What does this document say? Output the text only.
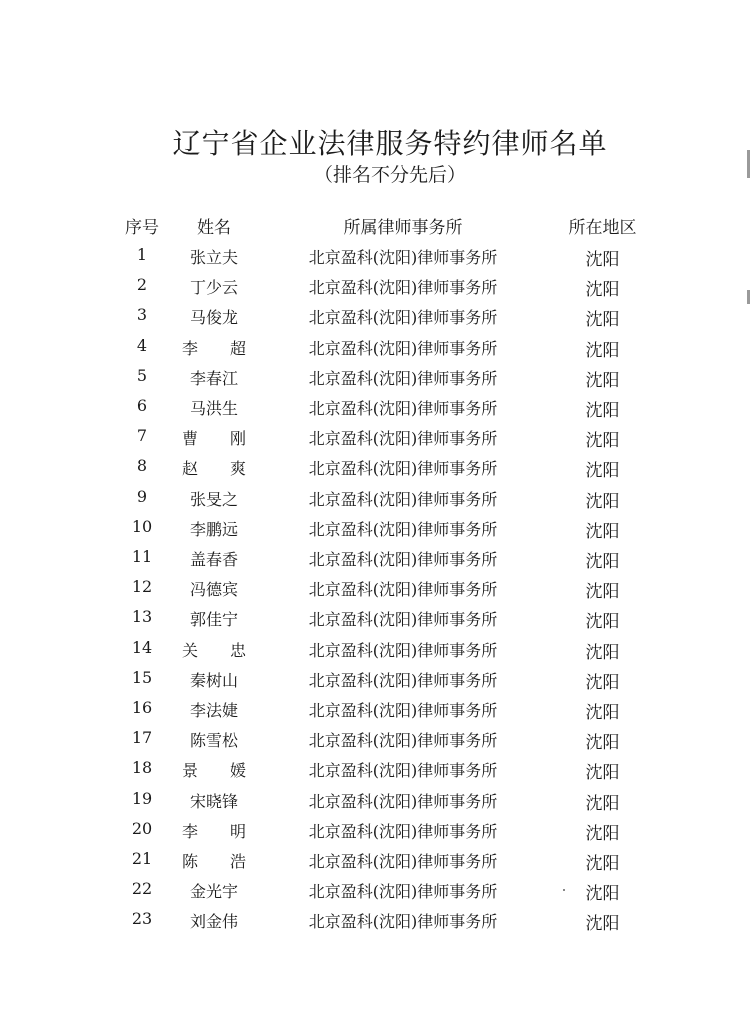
辽宁省企业法律服务特约律师名单
（排名不分先后）
序号	姓名	所属律师事务所	所在地区
1	张立夫	北京盈科(沈阳)律师事务所	沈阳
2	丁少云	北京盈科(沈阳)律师事务所	沈阳
3	马俊龙	北京盈科(沈阳)律师事务所	沈阳
4	李超	北京盈科(沈阳)律师事务所	沈阳
5	李春江	北京盈科(沈阳)律师事务所	沈阳
6	马洪生	北京盈科(沈阳)律师事务所	沈阳
7	曹刚	北京盈科(沈阳)律师事务所	沈阳
8	赵爽	北京盈科(沈阳)律师事务所	沈阳
9	张旻之	北京盈科(沈阳)律师事务所	沈阳
10	李鹏远	北京盈科(沈阳)律师事务所	沈阳
11	盖春香	北京盈科(沈阳)律师事务所	沈阳
12	冯德宾	北京盈科(沈阳)律师事务所	沈阳
13	郭佳宁	北京盈科(沈阳)律师事务所	沈阳
14	关忠	北京盈科(沈阳)律师事务所	沈阳
15	秦树山	北京盈科(沈阳)律师事务所	沈阳
16	李法婕	北京盈科(沈阳)律师事务所	沈阳
17	陈雪松	北京盈科(沈阳)律师事务所	沈阳
18	景媛	北京盈科(沈阳)律师事务所	沈阳
19	宋晓锋	北京盈科(沈阳)律师事务所	沈阳
20	李明	北京盈科(沈阳)律师事务所	沈阳
21	陈浩	北京盈科(沈阳)律师事务所	沈阳
22	金光宇	北京盈科(沈阳)律师事务所	沈阳
23	刘金伟	北京盈科(沈阳)律师事务所	沈阳
